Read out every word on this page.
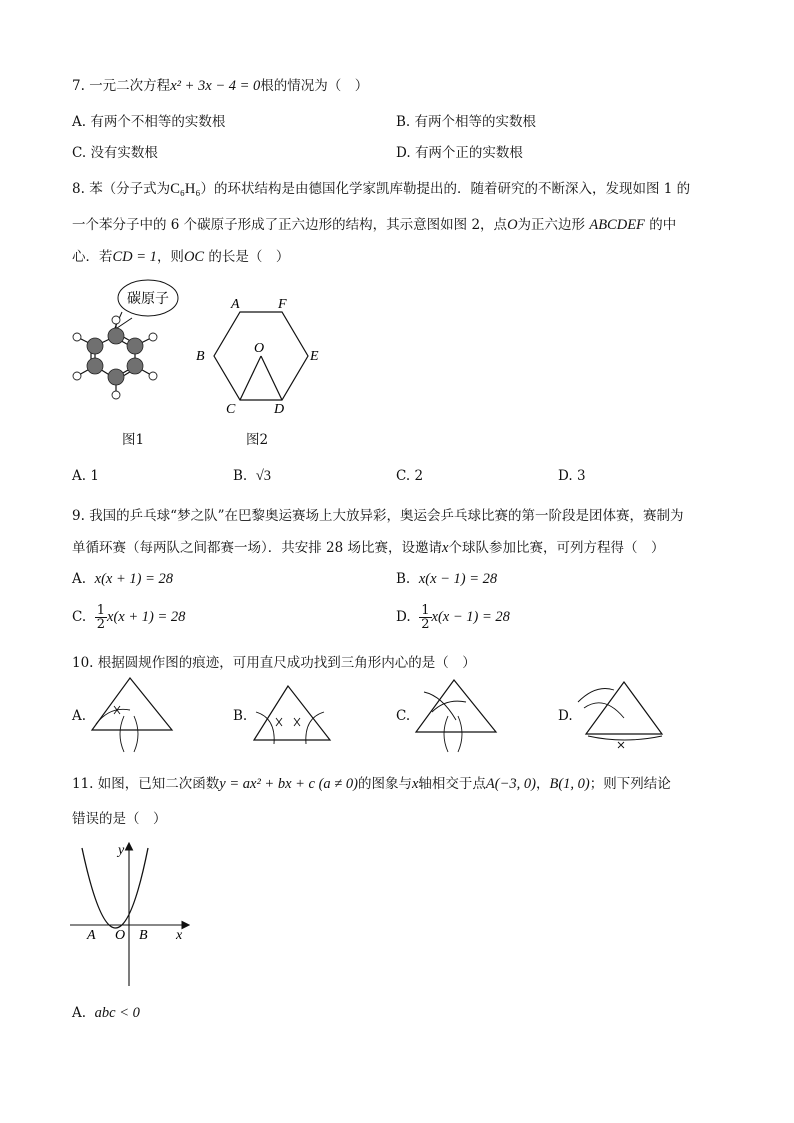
7. 一元二次方程x² + 3x − 4 = 0根的情况为（　）
A. 有两个不相等的实数根	B. 有两个相等的实数根
C. 没有实数根	D. 有两个正的实数根
8. 苯（分子式为C₆H₆）的环状结构是由德国化学家凯库勒提出的．随着研究的不断深入，发现如图 1 的
一个苯分子中的 6 个碳原子形成了正六边形的结构，其示意图如图 2，点O为正六边形 ABCDEF 的中
心．若CD = 1，则OC 的长是（　）
碳原子
图1
A	F
B
O
E
C	D
图2
A. 1	B. √3	C. 2	D. 3
9. 我国的乒乓球“梦之队”在巴黎奥运赛场上大放异彩，奥运会乒乓球比赛的第一阶段是团体赛，赛制为
单循环赛（每两队之间都赛一场）．共安排 28 场比赛，设邀请x个球队参加比赛，可列方程得（　）
A. x(x + 1) = 28	B. x(x − 1) = 28
C. $\frac{1}{2} x(x + 1) = 28$	D. $\frac{1}{2} x(x - 1) = 28$
10. 根据圆规作图的痕迹，可用直尺成功找到三角形内心的是（　）
A.	B.	C.	D.
11. 如图，已知二次函数y = ax² + bx + c (a ≠ 0)的图象与x轴相交于点A(−3, 0)，B(1, 0)；则下列结论
错误的是（　）
y
x
A O B
A. abc < 0
